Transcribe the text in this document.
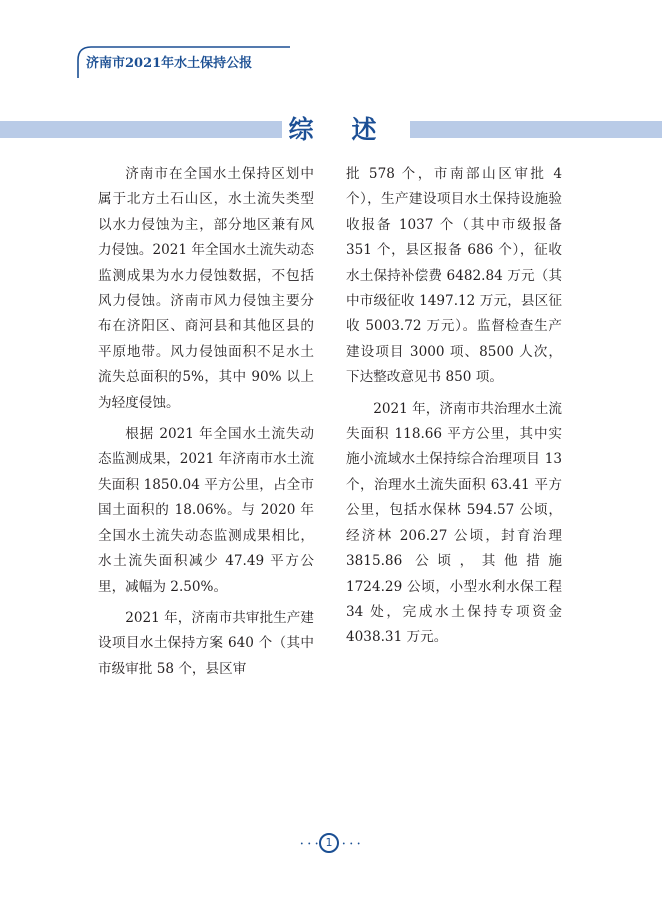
济南市2021年水土保持公报
综 述

济南市在全国水土保持区划中属于北方土石山区，水土流失类型以水力侵蚀为主，部分地区兼有风力侵蚀。2021 年全国水土流失动态监测成果为水力侵蚀数据，不包括风力侵蚀。济南市风力侵蚀主要分布在济阳区、商河县和其他区县的平原地带。风力侵蚀面积不足水土流失总面积的5%，其中 90% 以上为轻度侵蚀。

根据 2021 年全国水土流失动态监测成果，2021 年济南市水土流失面积 1850.04 平方公里，占全市国土面积的 18.06%。与 2020 年全国水土流失动态监测成果相比，水土流失面积减少 47.49 平方公里，减幅为 2.50%。

2021 年，济南市共审批生产建设项目水土保持方案 640 个（其中市级审批 58 个，县区审

批 578 个，市南部山区审批 4 个），生产建设项目水土保持设施验收报备 1037 个（其中市级报备 351 个，县区报备 686 个），征收水土保持补偿费 6482.84 万元（其中市级征收 1497.12 万元，县区征收 5003.72 万元）。监督检查生产建设项目 3000 项、8500 人次，下达整改意见书 850 项。

2021 年，济南市共治理水土流失面积 118.66 平方公里，其中实施小流域水土保持综合治理项目 13 个，治理水土流失面积 63.41 平方公里，包括水保林 594.57 公顷，经济林 206.27 公顷，封育治理 3815.86 公顷，其他措施 1724.29 公顷，小型水利水保工程 34 处，完成水土保持专项资金 4038.31 万元。

• • • 1	• • •
